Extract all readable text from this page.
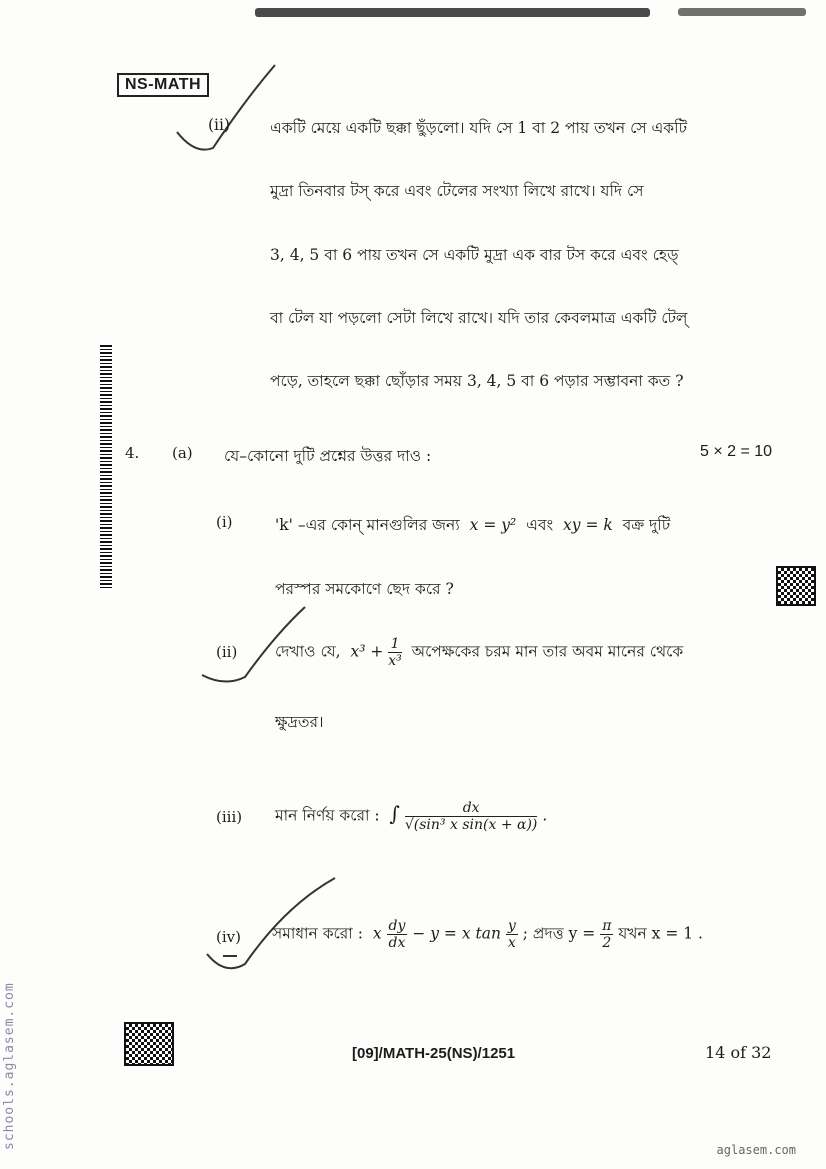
NS-MATH
(ii)	একটি মেয়ে একটি ছক্কা ছুঁড়লো। যদি সে 1 বা 2 পায় তখন সে একটি
মুদ্রা তিনবার টস্ করে এবং টেলের সংখ্যা লিখে রাখে। যদি সে
3, 4, 5 বা 6 পায় তখন সে একটি মুদ্রা এক বার টস করে এবং হেড্
বা টেল যা পড়লো সেটা লিখে রাখে। যদি তার কেবলমাত্র একটি টেল্
পড়ে, তাহলে ছক্কা ছোঁড়ার সময় 3, 4, 5 বা 6 পড়ার সম্ভাবনা কত ?
4. (a) যে–কোনো দুটি প্রশ্নের উত্তর দাও :	5 × 2 = 10
(i)	'k' –এর কোন্ মানগুলির জন্য x = y² এবং xy = k বক্র দুটি
পরস্পর সমকোণে ছেদ করে ?
(ii) দেখাও যে, $x^3 + \frac{1}{\text{x³}}$ অপেক্ষকের চরম মান তার অবম মানের থেকে
ক্ষুদ্রতর।
(iii) মান নির্ণয় করো : ∫ $\frac{dx}{\text{√(sin³ x sin(x + α))}}$ .
(iv) সমাধান করো : x $\frac{dy}{dx} - y = x$ $\tan \frac{y}{x}$ ; প্রদত্ত $y = \frac{\pi}{2}$ যখন x = 1 .
[09]/MATH-25(NS)/1251	14 of 32
schools.aglasem.com	aglasem.com
